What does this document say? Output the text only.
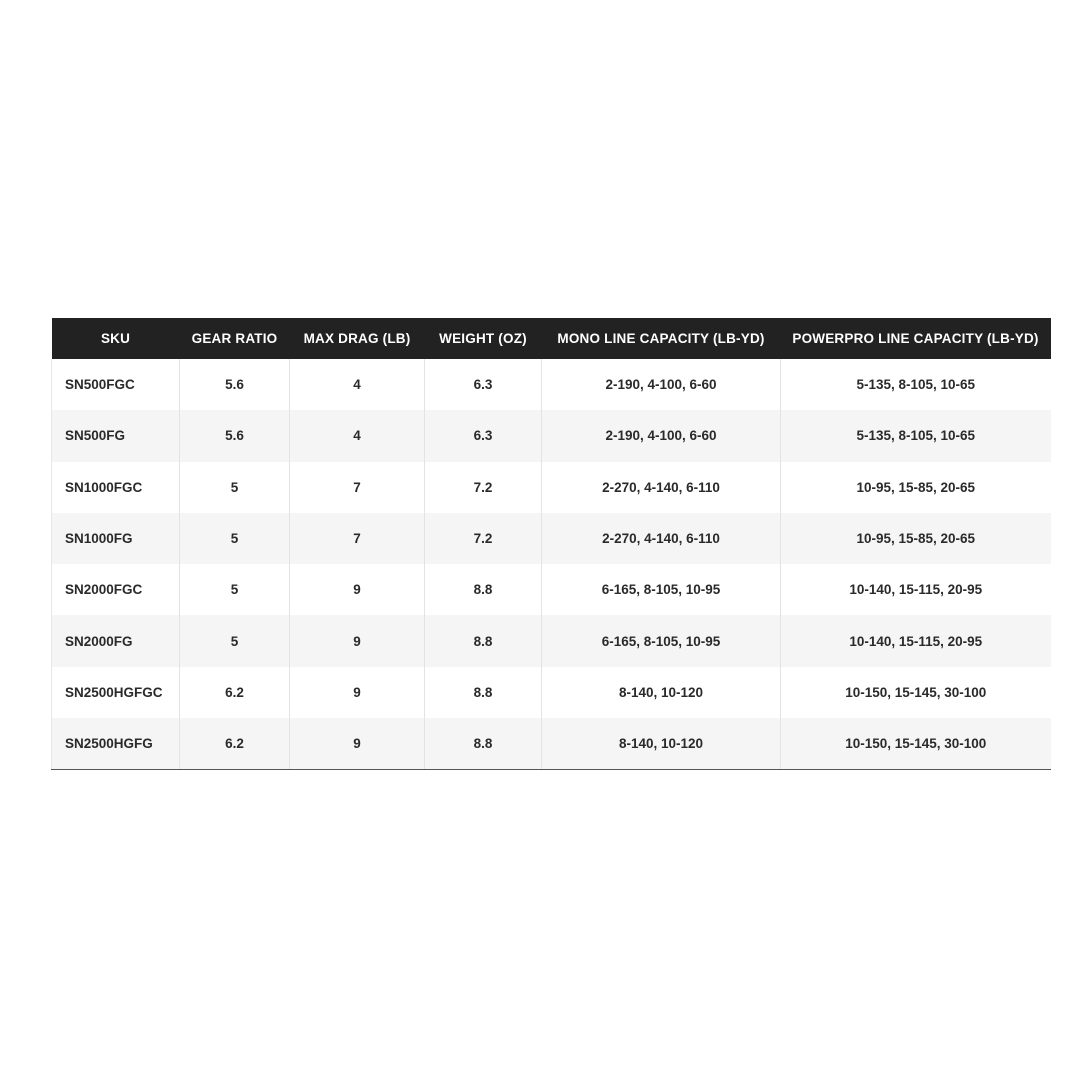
SKU	GEAR RATIO	MAX DRAG (LB)	WEIGHT (OZ)	MONO LINE CAPACITY (LB-YD)	POWERPRO LINE CAPACITY (LB-YD)
SN500FGC	5.6	4	6.3	2-190, 4-100, 6-60	5-135, 8-105, 10-65
SN500FG	5.6	4	6.3	2-190, 4-100, 6-60	5-135, 8-105, 10-65
SN1000FGC	5	7	7.2	2-270, 4-140, 6-110	10-95, 15-85, 20-65
SN1000FG	5	7	7.2	2-270, 4-140, 6-110	10-95, 15-85, 20-65
SN2000FGC	5	9	8.8	6-165, 8-105, 10-95	10-140, 15-115, 20-95
SN2000FG	5	9	8.8	6-165, 8-105, 10-95	10-140, 15-115, 20-95
SN2500HGFGC	6.2	9	8.8	8-140, 10-120	10-150, 15-145, 30-100
SN2500HGFG	6.2	9	8.8	8-140, 10-120	10-150, 15-145, 30-100
